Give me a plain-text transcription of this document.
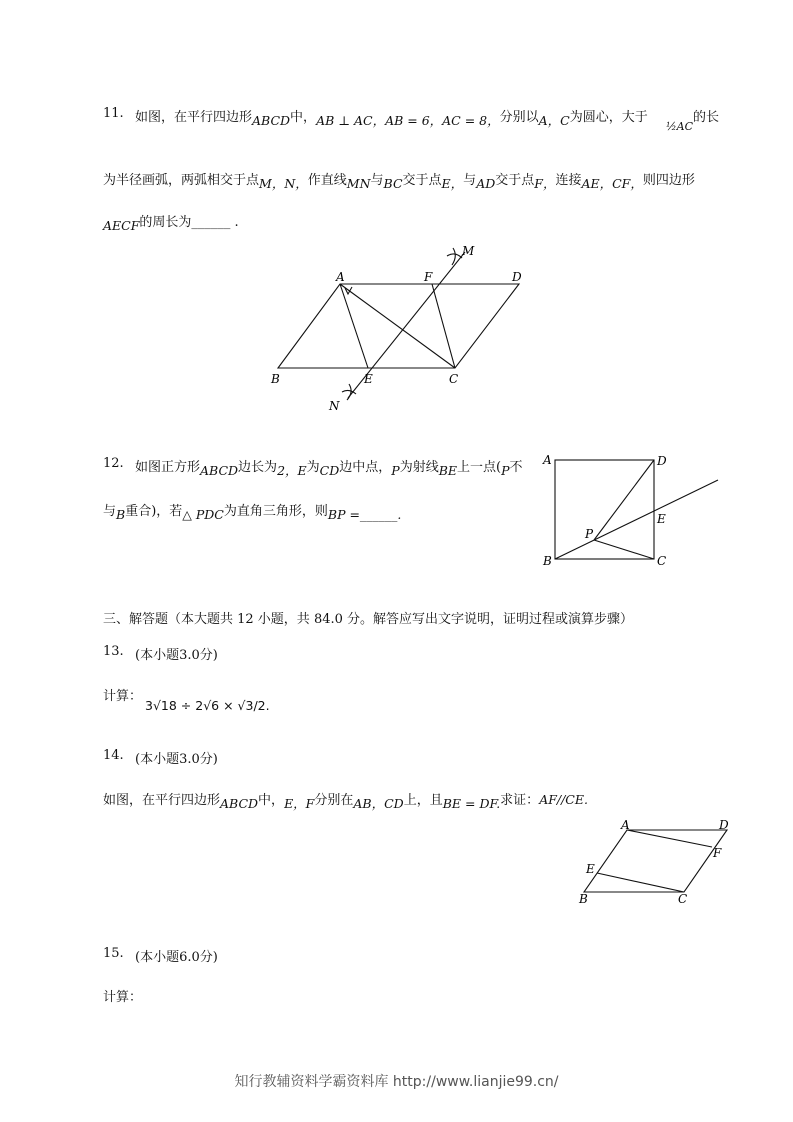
11. 如图，在平行四边形ABCD中，AB ⊥ AC，AB = 6，AC = 8，分别以A，C为圆心，大于
½AC
的长
为半径画弧，两弧相交于点M，N，作直线MN与BC交于点E，与AD交于点F，连接AE，CF，则四边形
AECF的周长为______ .
A	F	D
M
B	E	C
N
12. 如图正方形ABCD边长为2，E为CD边中点，P为射线BE上一点(P不
与B重合)，若△ PDC为直角三角形，则BP =______.
A	D
E
P
B	C
三、解答题（本大题共 12 小题，共 84.0 分。解答应写出文字说明，证明过程或演算步骤）
13. (本小题3.0分)
计算：
3√18 ÷ 2√6 × √3/2.
14. (本小题3.0分)
如图，在平行四边形ABCD中，E，F分别在AB，CD上，且BE = DF.求证：AF//CE.
A	D
F
E
B	C
15. (本小题6.0分)
计算：
知行教辅资料学霸资料库 http://www.lianjie99.cn/
